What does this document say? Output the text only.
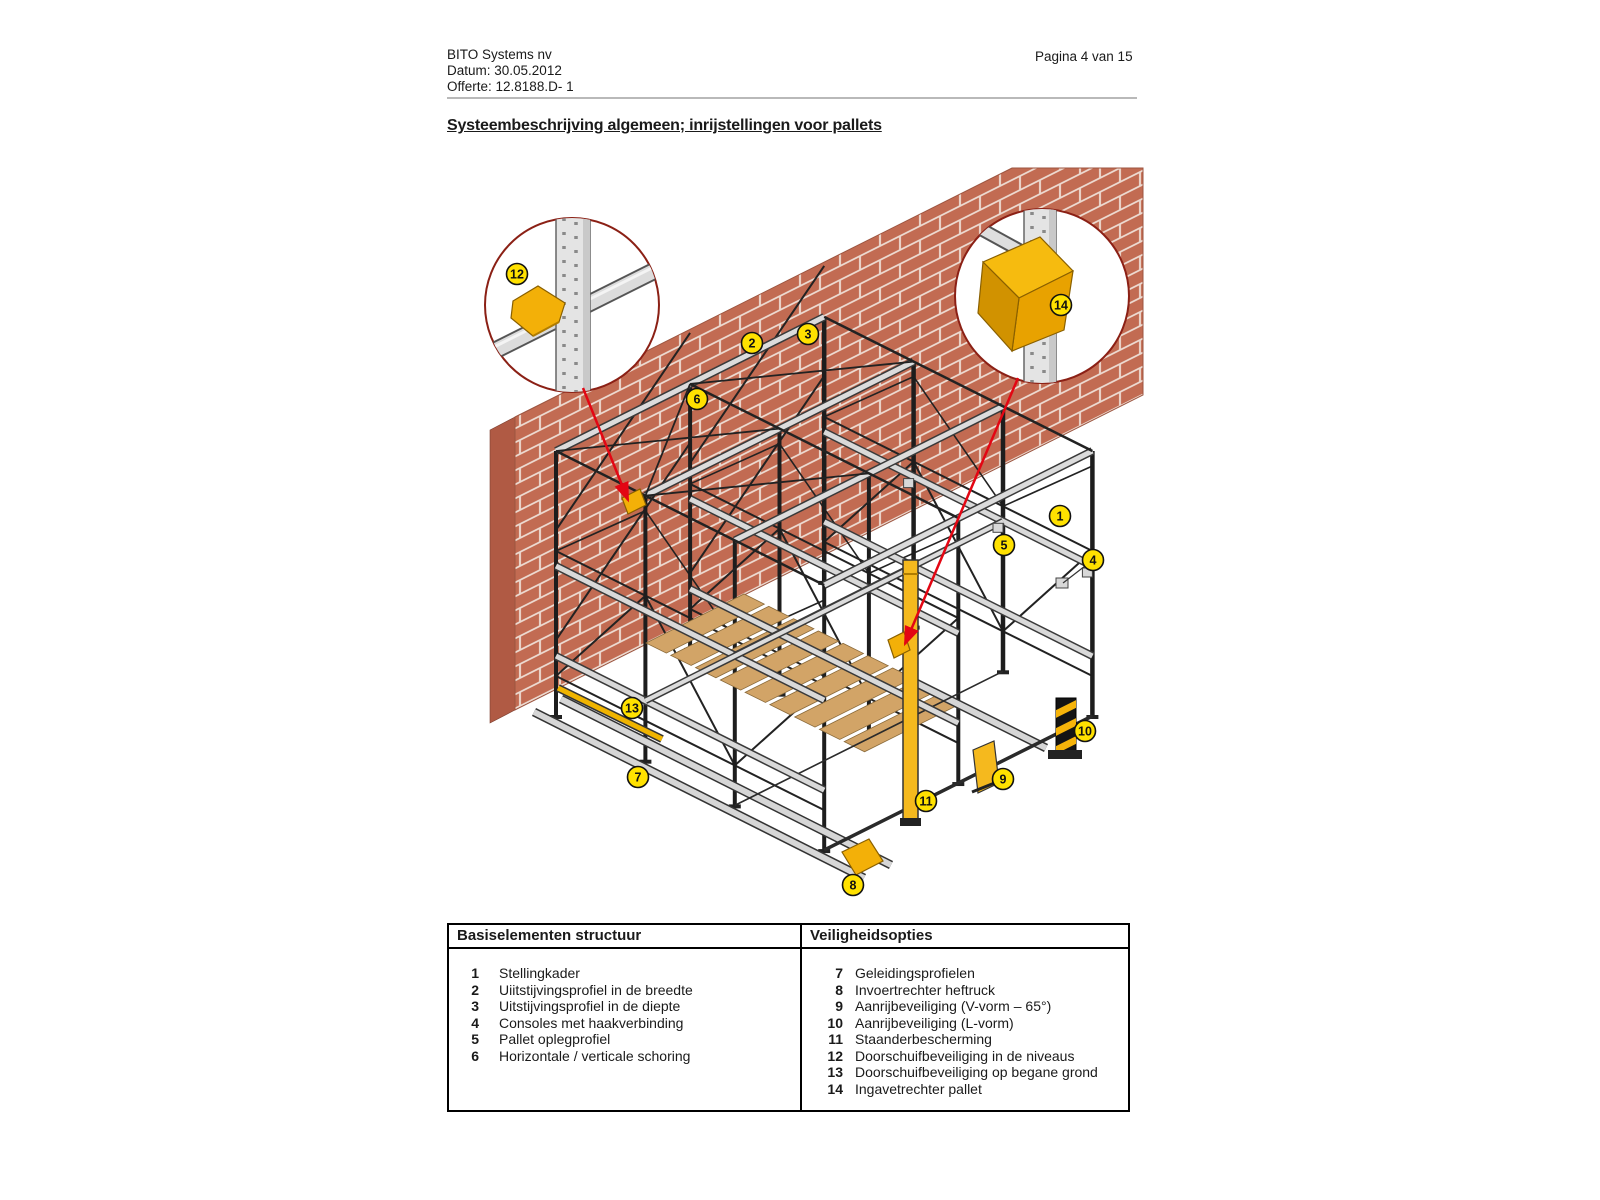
BITO Systems nv
Datum: 30.05.2012
Offerte: 12.8188.D- 1
Pagina 4 van 15
Systeembeschrijving algemeen; inrijstellingen voor pallets
1
2
3
4
5
6
7
8
9
10
11
12
13
14
Basiselementen structuur	Veiligheidsopties
1 Stellingkader
2 Uiitstijvingsprofiel in de breedte
3 Uitstijvingsprofiel in de diepte
4 Consoles met haakverbinding
5 Pallet oplegprofiel
6 Horizontale / verticale schoring
7 Geleidingsprofielen
8 Invoertrechter heftruck
9 Aanrijbeveiliging (V-vorm – 65°)
10 Aanrijbeveiliging (L-vorm)
11 Staanderbescherming
12 Doorschuifbeveiliging in de niveaus
13 Doorschuifbeveiliging op begane grond
14 Ingavetrechter pallet
